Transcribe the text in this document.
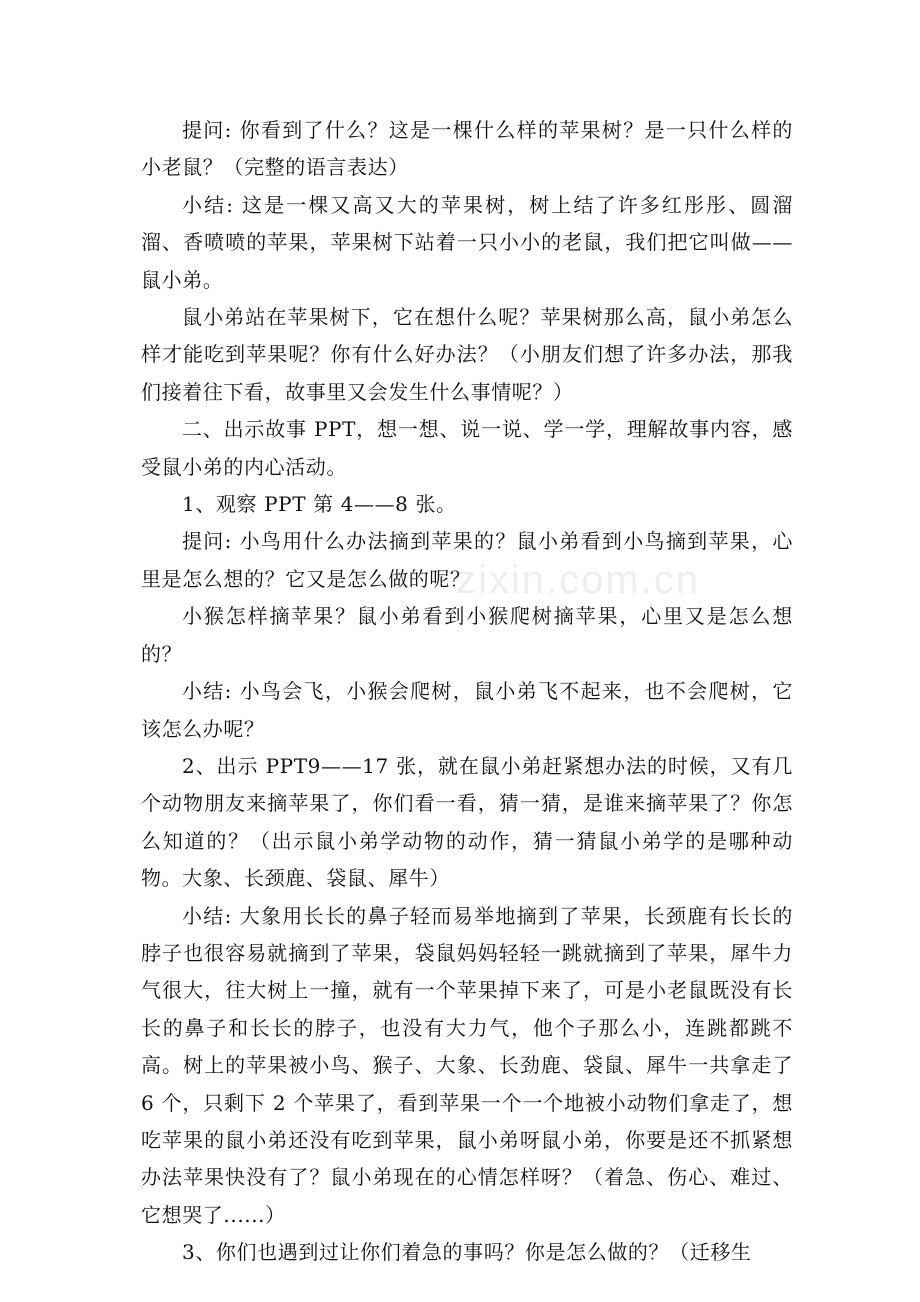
zixin.com.cn

提问: 你看到了什么？这是一棵什么样的苹果树？是一只什么样的小老鼠？（完整的语言表达）

小结: 这是一棵又高又大的苹果树，树上结了许多红彤彤、圆溜溜、香喷喷的苹果，苹果树下站着一只小小的老鼠，我们把它叫做——鼠小弟。

鼠小弟站在苹果树下，它在想什么呢？苹果树那么高，鼠小弟怎么样才能吃到苹果呢？你有什么好办法？（小朋友们想了许多办法，那我们接着往下看，故事里又会发生什么事情呢？）

二、出示故事 PPT，想一想、说一说、学一学，理解故事内容，感受鼠小弟的内心活动。

1、观察 PPT 第 4——8 张。

提问: 小鸟用什么办法摘到苹果的？鼠小弟看到小鸟摘到苹果，心里是怎么想的？它又是怎么做的呢？

小猴怎样摘苹果？鼠小弟看到小猴爬树摘苹果，心里又是怎么想的？

小结: 小鸟会飞，小猴会爬树，鼠小弟飞不起来，也不会爬树，它该怎么办呢？

2、出示 PPT9——17 张，就在鼠小弟赶紧想办法的时候，又有几个动物朋友来摘苹果了，你们看一看，猜一猜，是谁来摘苹果了？你怎么知道的？（出示鼠小弟学动物的动作，猜一猜鼠小弟学的是哪种动物。大象、长颈鹿、袋鼠、犀牛）

小结: 大象用长长的鼻子轻而易举地摘到了苹果，长颈鹿有长长的脖子也很容易就摘到了苹果，袋鼠妈妈轻轻一跳就摘到了苹果，犀牛力气很大，往大树上一撞，就有一个苹果掉下来了，可是小老鼠既没有长长的鼻子和长长的脖子，也没有大力气，他个子那么小，连跳都跳不高。树上的苹果被小鸟、猴子、大象、长劲鹿、袋鼠、犀牛一共拿走了 6 个，只剩下 2 个苹果了，看到苹果一个一个地被小动物们拿走了，想吃苹果的鼠小弟还没有吃到苹果，鼠小弟呀鼠小弟，你要是还不抓紧想办法苹果快没有了？鼠小弟现在的心情怎样呀？（着急、伤心、难过、它想哭了......）

3、你们也遇到过让你们着急的事吗？你是怎么做的？（迁移生
